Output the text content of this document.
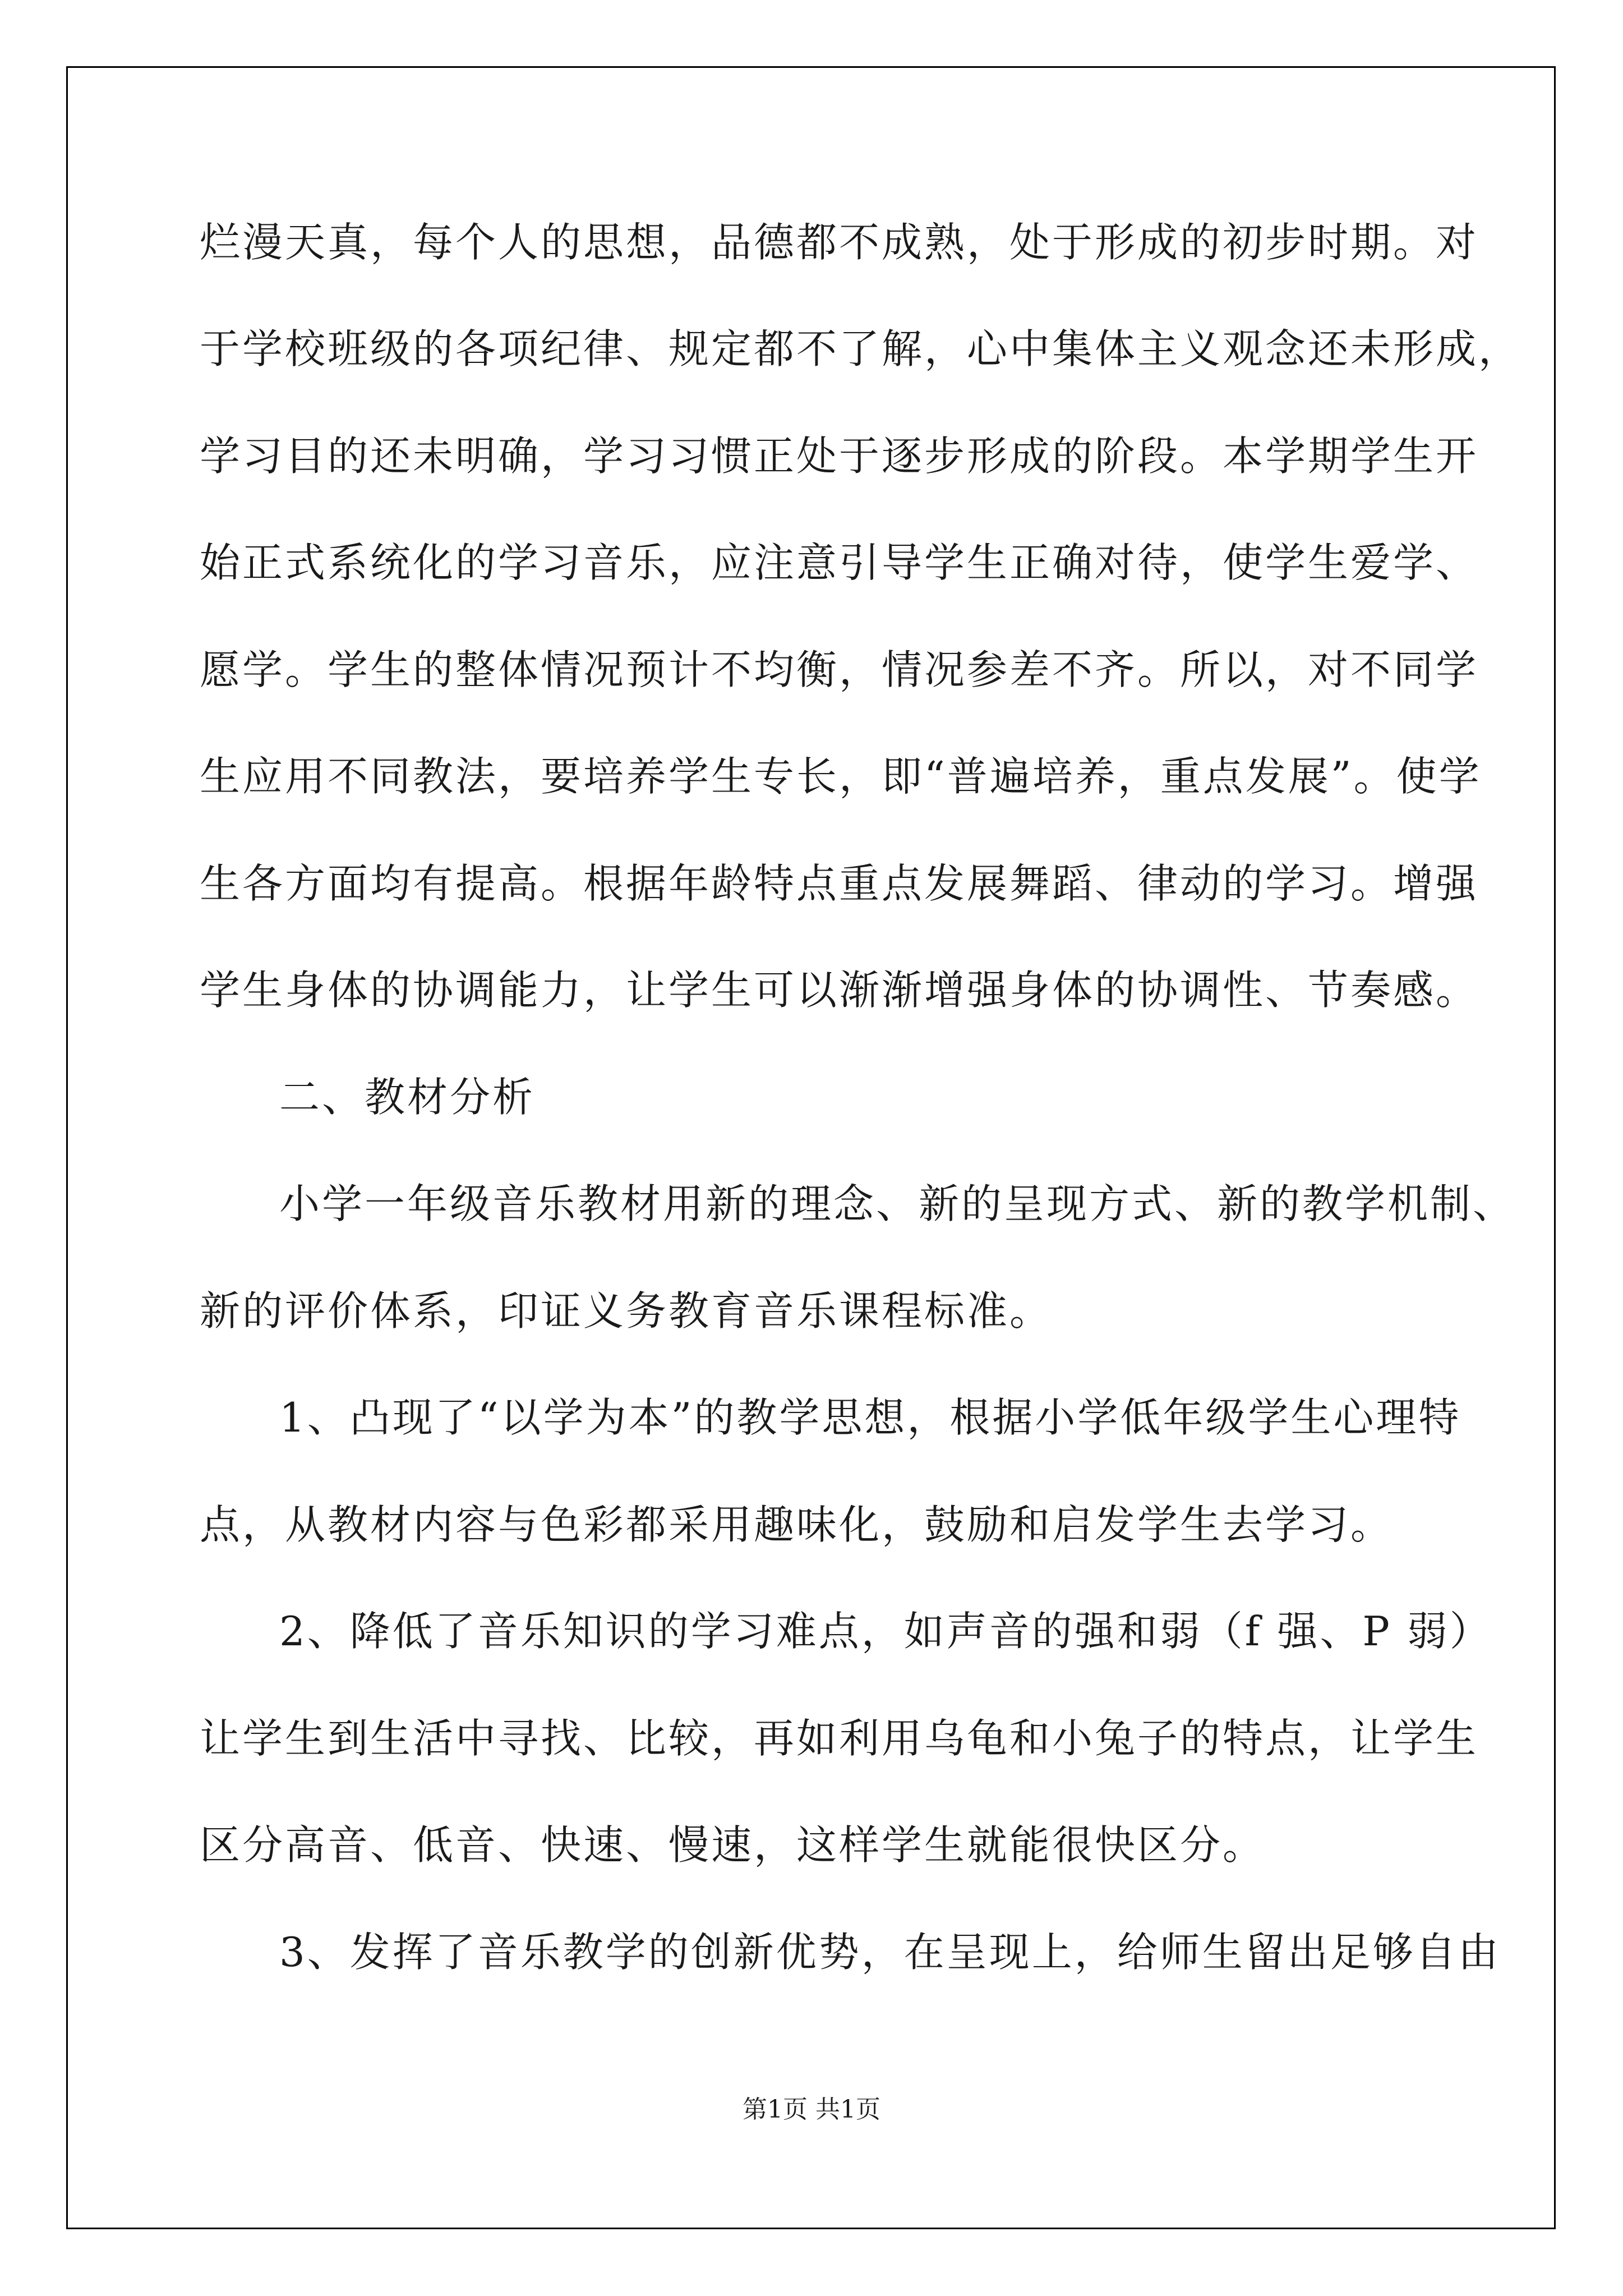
烂漫天真，每个人的思想，品德都不成熟，处于形成的初步时期。对
于学校班级的各项纪律、规定都不了解，心中集体主义观念还未形成，
学习目的还未明确，学习习惯正处于逐步形成的阶段。本学期学生开
始正式系统化的学习音乐，应注意引导学生正确对待，使学生爱学、
愿学。学生的整体情况预计不均衡，情况参差不齐。所以，对不同学
生应用不同教法，要培养学生专长，即“普遍培养，重点发展”。使学
生各方面均有提高。根据年龄特点重点发展舞蹈、律动的学习。增强
学生身体的协调能力，让学生可以渐渐增强身体的协调性、节奏感。
二、教材分析
小学一年级音乐教材用新的理念、新的呈现方式、新的教学机制、
新的评价体系，印证义务教育音乐课程标准。
1、凸现了“以学为本”的教学思想，根据小学低年级学生心理特
点，从教材内容与色彩都采用趣味化，鼓励和启发学生去学习。
2、降低了音乐知识的学习难点，如声音的强和弱（f 强、P 弱）
让学生到生活中寻找、比较，再如利用乌龟和小兔子的特点，让学生
区分高音、低音、快速、慢速，这样学生就能很快区分。
3、发挥了音乐教学的创新优势，在呈现上，给师生留出足够自由
第1页 共1页
